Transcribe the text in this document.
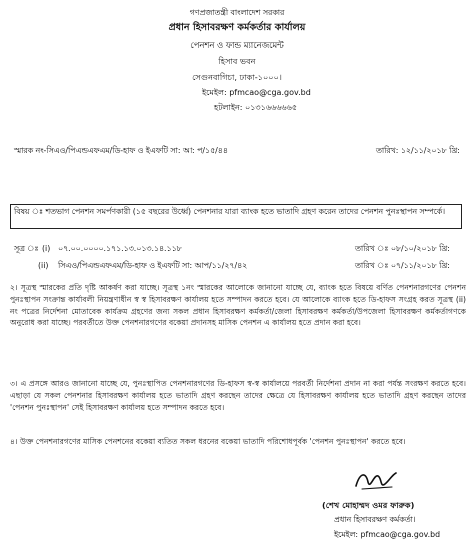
গণপ্রজাতন্ত্রী বাংলাদেশ সরকার
প্রধান হিসাবরক্ষণ কর্মকর্তার কার্যালয়
পেনশন ও ফান্ড ম্যানেজমেন্ট
হিসাব ভবন
সেগুনবাগিচা, ঢাকা-১০০০।
ইমেইল: pfmcao@cga.gov.bd
হটলাইন: ০১৩১৬৬৬৬৬৫
স্মারক নং-সিএও/পিএন্ডএফএম/ডি-হাফ ও ইএফটি সা: আ: প/১৫/৪৪	তারিখ: ১২/১১/২০১৮ খ্রি:
বিষয় ঃ শতভাগ পেনশন সমর্পণকারী (১৫ বছরের উর্ধ্বে) পেনশনার যারা ব্যাংক হতে ভাতাদি গ্রহণ করেন তাদের পেনশন পুনঃস্থাপন সম্পর্কে।
সূত্র ঃ (i) ০৭.০০.০০০০.১৭১.১৩.০১৩.১৪.১১৮	তারিখ ঃ ০৮/১০/২০১৮ খ্রি:
(ii) সিএও/পিএন্ডএফএম/ডি-হাফ ও ইএফটি সা: আপ/১১/২৭/৪২	তারিখ ঃ ০৭/১১/২০১৮ খ্রি:
২। সূত্রস্থ স্মারকের প্রতি দৃষ্টি আকর্ষণ করা যাচ্ছে। সূত্রস্থ ১নং স্মারকের আলোকে জানানো যাচ্ছে যে, ব্যাংক হতে বিষয়ে বর্ণিত পেনশনারগণের পেনশন পুনঃস্থাপন সংক্রান্ত কার্যাবলী নিয়ন্ত্রণাধীন স্ব স্ব হিসাবরক্ষণ কার্যালয় হতে সম্পাদন করতে হবে। যে আলোকে ব্যাংক হতে ডি-হাফস সংগ্রহ করত সূত্রস্থ (ii) নং পত্রের নির্দেশনা মোতাবেক কার্যক্রম গ্রহণের জন্য সকল প্রধান হিসাবরক্ষণ কর্মকর্তা/জেলা হিসাবরক্ষণ কর্মকর্তা/উপজেলা হিসাবরক্ষণ কর্মকর্তাগণকে অনুরোধ করা যাচ্ছে। পরবর্তীতে উক্ত পেনশনারগণের বকেয়া প্রদানসহ মাসিক পেনশন এ কার্যালয় হতে প্রদান করা হবে।
৩। এ প্রসঙ্গে আরও জানানো যাচ্ছে যে, পুনঃস্থাপিত পেনশনারগণের ডি-হাফস স্ব-স্ব কার্যালয়ে পরবর্তী নির্দেশনা প্রদান না করা পর্যন্ত সংরক্ষণ করতে হবে। এছাড়া যে সকল পেনশনার হিসাবরক্ষণ কার্যালয় হতে ভাতাদি গ্রহণ করছেন তাদের ক্ষেত্রে যে হিসাবরক্ষণ কার্যালয় হতে ভাতাদি গ্রহণ করছেন তাদের 'পেনশন পুনঃস্থাপন' সেই হিসাবরক্ষণ কার্যালয় হতে সম্পাদন করতে হবে।
৪। উক্ত পেনশনারগণের মাসিক পেনশনের বকেয়া ব্যতিত সকল ধরনের বকেয়া ভাতাদি পরিশোধপূর্বক 'পেনশন পুনঃস্থাপন' করতে হবে।
(শেখ মোহাম্মদ ওমর ফারুক)
প্রধান হিসাবরক্ষণ কর্মকর্তা।
ইমেইল: pfmcao@cga.gov.bd
